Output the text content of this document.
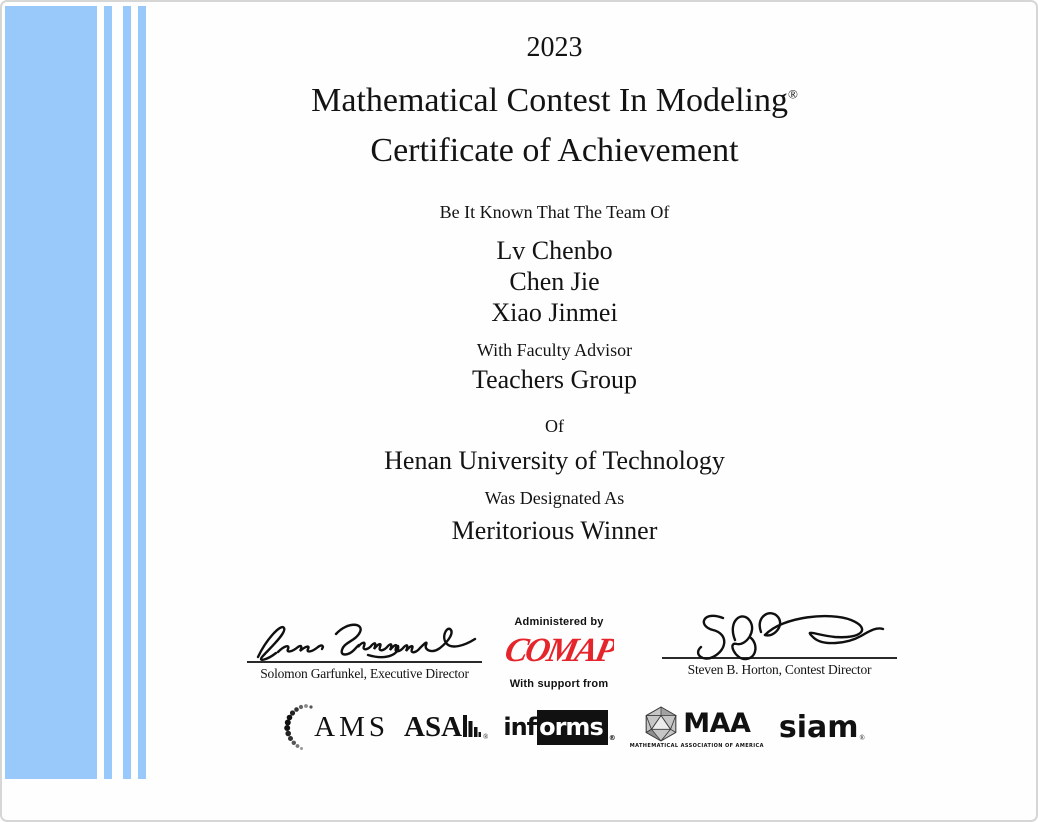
2023
Mathematical Contest In Modeling®
Certificate of Achievement
Be It Known That The Team Of
Lv Chenbo
Chen Jie
Xiao Jinmei
With Faculty Advisor
Teachers Group
Of
Henan University of Technology
Was Designated As
Meritorious Winner
Solomon Garfunkel, Executive Director
Administered by
COMAP
With support from
Steven B. Horton, Contest Director
AMS ASA	® inf orms ®	MAA
MATHEMATICAL ASSOCIATION OF AMERICA
siam ®
